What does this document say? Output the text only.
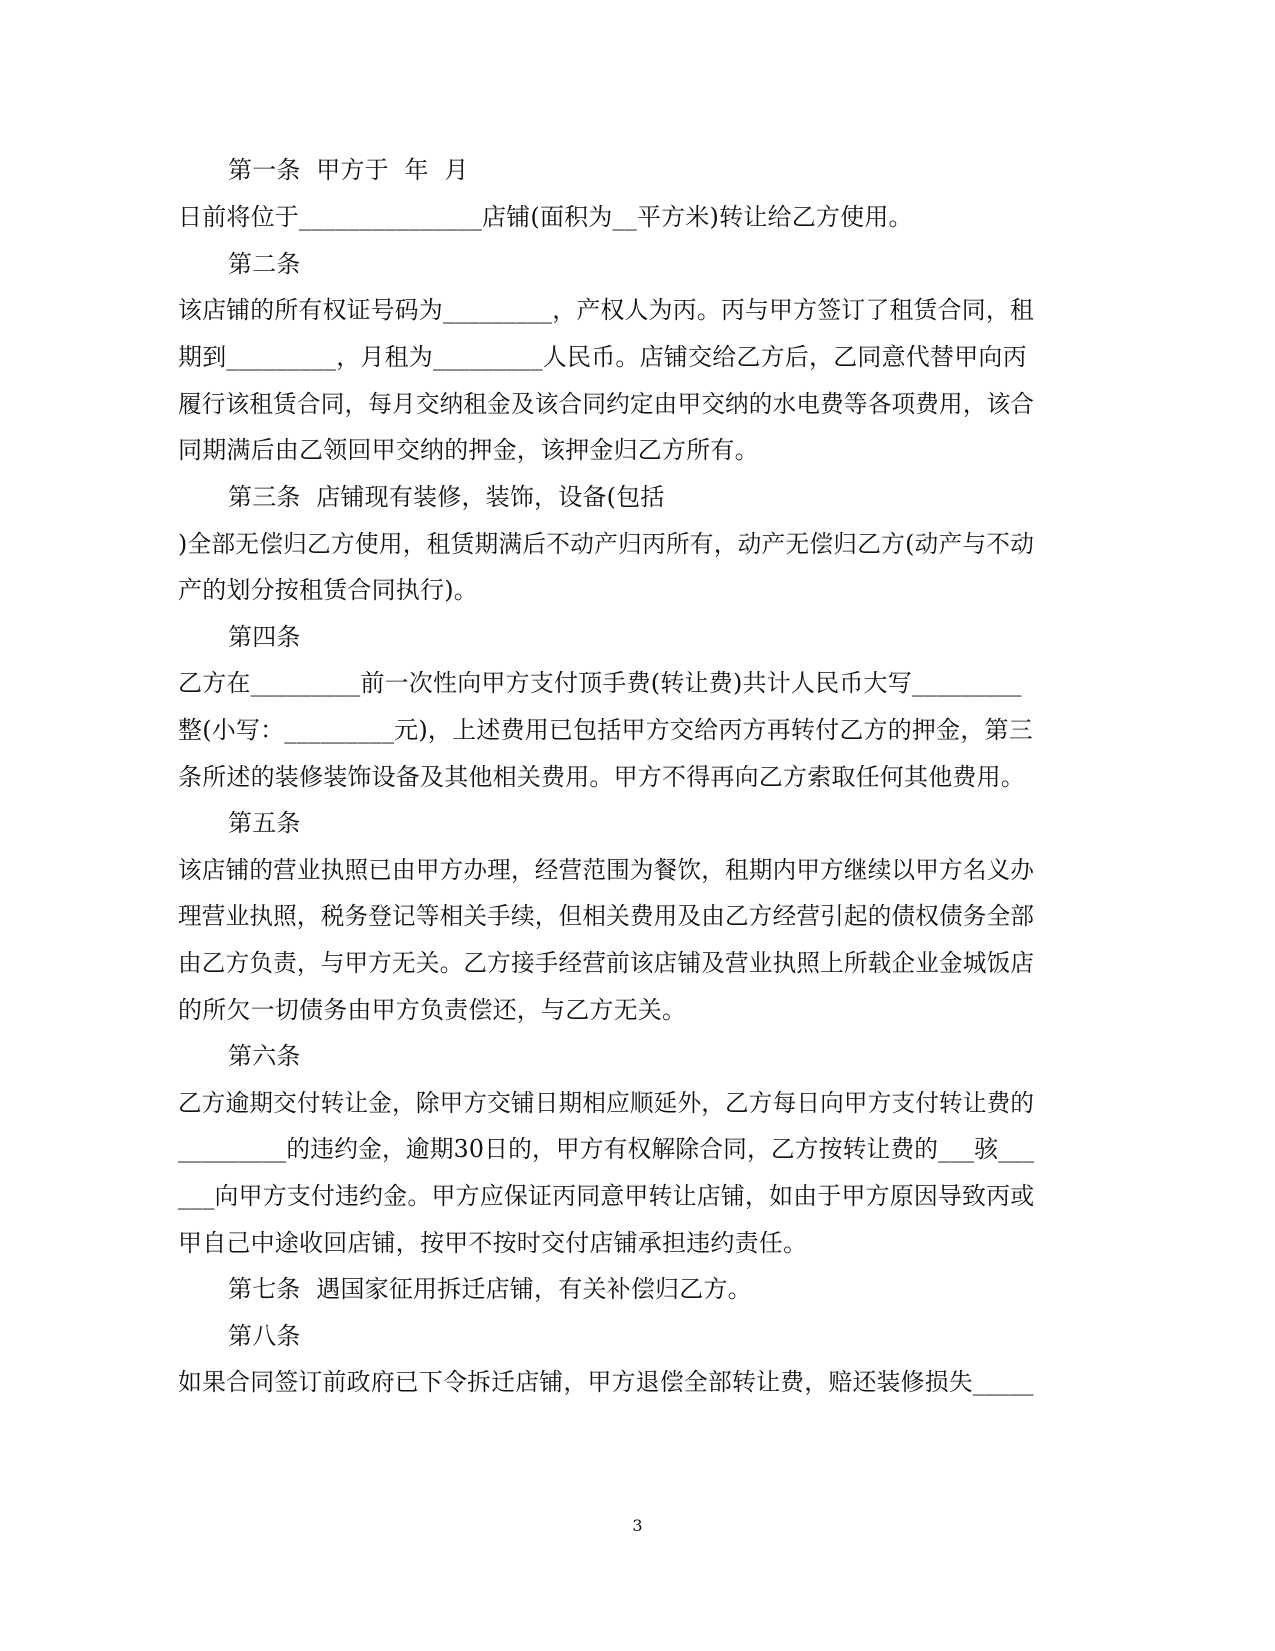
第一条  甲方于  年  月
日前将位于_______________店铺(面积为__平方米)转让给乙方使用。
第二条
该店铺的所有权证号码为_________，产权人为丙。丙与甲方签订了租赁合同，租
期到_________，月租为_________人民币。店铺交给乙方后，乙同意代替甲向丙
履行该租赁合同，每月交纳租金及该合同约定由甲交纳的水电费等各项费用，该合
同期满后由乙领回甲交纳的押金，该押金归乙方所有。
第三条  店铺现有装修，装饰，设备(包括
)全部无偿归乙方使用，租赁期满后不动产归丙所有，动产无偿归乙方(动产与不动
产的划分按租赁合同执行)。
第四条
乙方在_________前一次性向甲方支付顶手费(转让费)共计人民币大写_________
整(小写：_________元)，上述费用已包括甲方交给丙方再转付乙方的押金，第三
条所述的装修装饰设备及其他相关费用。甲方不得再向乙方索取任何其他费用。
第五条
该店铺的营业执照已由甲方办理，经营范围为餐饮，租期内甲方继续以甲方名义办
理营业执照，税务登记等相关手续，但相关费用及由乙方经营引起的债权债务全部
由乙方负责，与甲方无关。乙方接手经营前该店铺及营业执照上所载企业金城饭店
的所欠一切债务由甲方负责偿还，与乙方无关。
第六条
乙方逾期交付转让金，除甲方交铺日期相应顺延外，乙方每日向甲方支付转让费的
_________的违约金，逾期30日的，甲方有权解除合同，乙方按转让费的___骇___
___向甲方支付违约金。甲方应保证丙同意甲转让店铺，如由于甲方原因导致丙或
甲自己中途收回店铺，按甲不按时交付店铺承担违约责任。
第七条  遇国家征用拆迁店铺，有关补偿归乙方。
第八条
如果合同签订前政府已下令拆迁店铺，甲方退偿全部转让费，赔还装修损失_____
3
